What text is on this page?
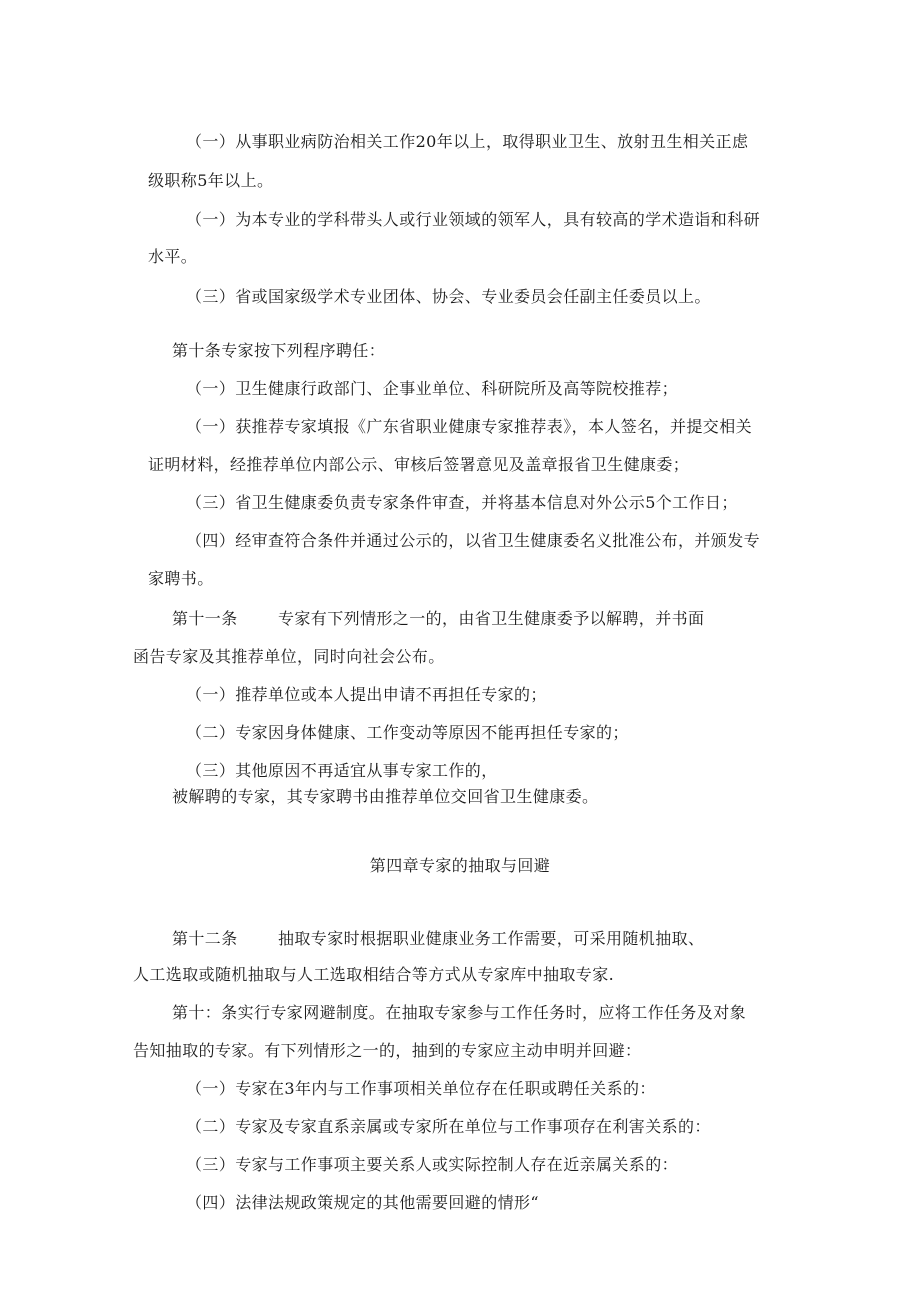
（一）从事职业病防治相关工作20年以上，取得职业卫生、放射丑生相关正虑
级职称5年以上。
（一）为本专业的学科带头人或行业领域的领军人，具有较高的学术造诣和科研
水平。
（三）省或国家级学术专业团体、协会、专业委员会任副主任委员以上。
第十条专家按下列程序聘任：
（一）卫生健康行政部门、企事业单位、科研院所及高等院校推荐；
（一）获推荐专家填报《广东省职业健康专家推荐表》，本人签名，并提交相关
证明材料，经推荐单位内部公示、审核后签署意见及盖章报省卫生健康委；
（三）省卫生健康委负责专家条件审查，并将基本信息对外公示5个工作日；
（四）经审查符合条件并通过公示的，以省卫生健康委名义批准公布，并颁发专
家聘书。
第十一条	专家有下列情形之一的，由省卫生健康委予以解聘，并书面
函告专家及其推荐单位，同时向社会公布。
（一）推荐单位或本人提出申请不再担任专家的；
（二）专家因身体健康、工作变动等原因不能再担任专家的；
（三）其他原因不再适宜从事专家工作的，
被解聘的专家，其专家聘书由推荐单位交回省卫生健康委。
第四章专家的抽取与回避
第十二条	抽取专家时根据职业健康业务工作需要，可采用随机抽取、
人工选取或随机抽取与人工选取相结合等方式从专家库中抽取专家.
第十：条实行专家网避制度。在抽取专家参与工作任务时，应将工作任务及对象
告知抽取的专家。有下列情形之一的，抽到的专家应主动申明并回避：
（一）专家在3年内与工作事项相关单位存在任职或聘任关系的：
（二）专家及专家直系亲属或专家所在单位与工作事项存在利害关系的：
（三）专家与工作事项主要关系人或实际控制人存在近亲属关系的：
（四）法律法规政策规定的其他需要回避的情形“
